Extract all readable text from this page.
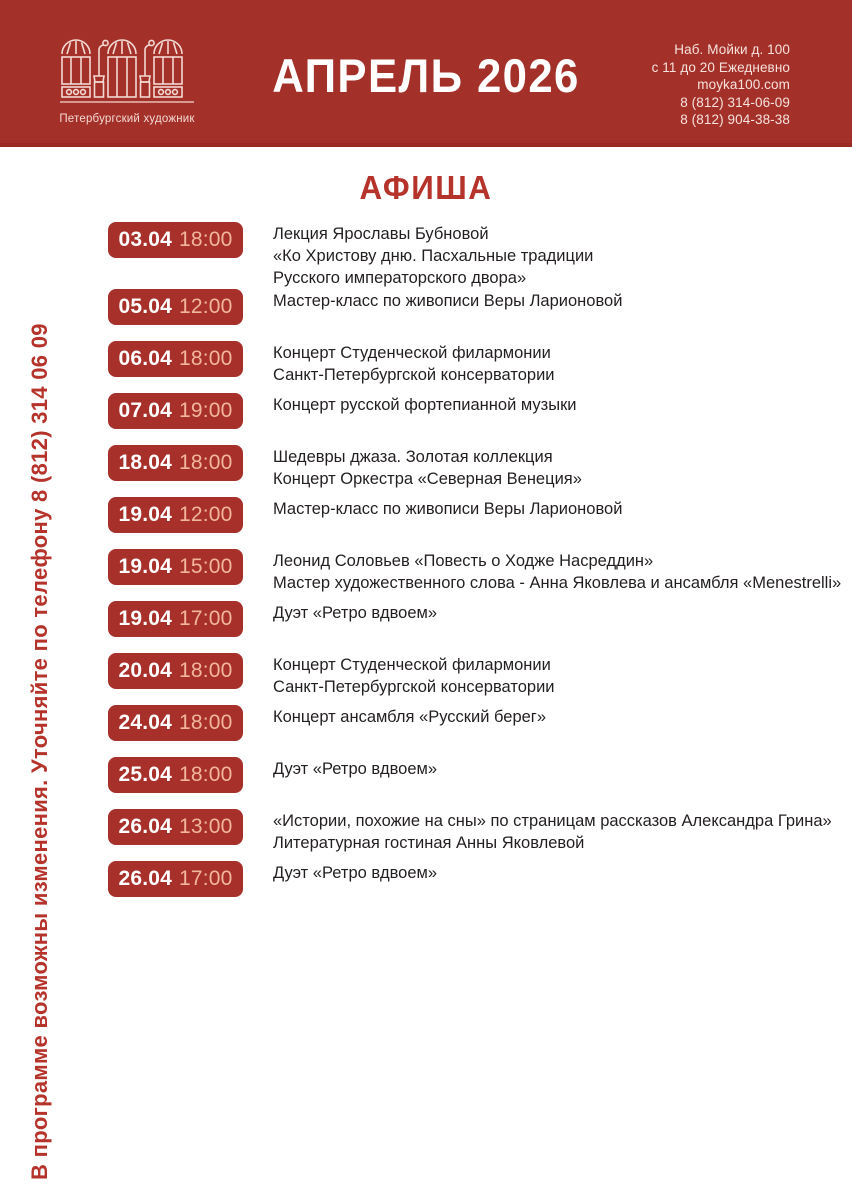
Петербургский художник
АПРЕЛЬ 2026	Наб. Мойки д. 100
с 11 до 20 Ежедневно
moyka100.com
8 (812) 314-06-09
8 (812) 904-38-38
В программе возможны изменения. Уточняйте по телефону 8 (812) 314 06 09
АФИША
03.04 18:00 Лекция Ярославы Бубновой
«Ко Христову дню. Пасхальные традиции
Русского императорского двора»
05.04 12:00 Мастер-класс по живописи Веры Ларионовой
06.04 18:00 Концерт Студенческой филармонии
Санкт-Петербургской консерватории
07.04 19:00 Концерт русской фортепианной музыки
18.04 18:00 Шедевры джаза. Золотая коллекция
Концерт Оркестра «Северная Венеция»
19.04 12:00 Мастер-класс по живописи Веры Ларионовой
19.04 15:00 Леонид Соловьев «Повесть о Ходже Насреддин»
Мастер художественного слова - Анна Яковлева и ансамбля «Menestrelli»
19.04 17:00 Дуэт «Ретро вдвоем»
20.04 18:00 Концерт Студенческой филармонии
Санкт-Петербургской консерватории
24.04 18:00 Концерт ансамбля «Русский берег»
25.04 18:00 Дуэт «Ретро вдвоем»
26.04 13:00 «Истории, похожие на сны» по страницам рассказов Александра Грина»
Литературная гостиная Анны Яковлевой
26.04 17:00 Дуэт «Ретро вдвоем»
